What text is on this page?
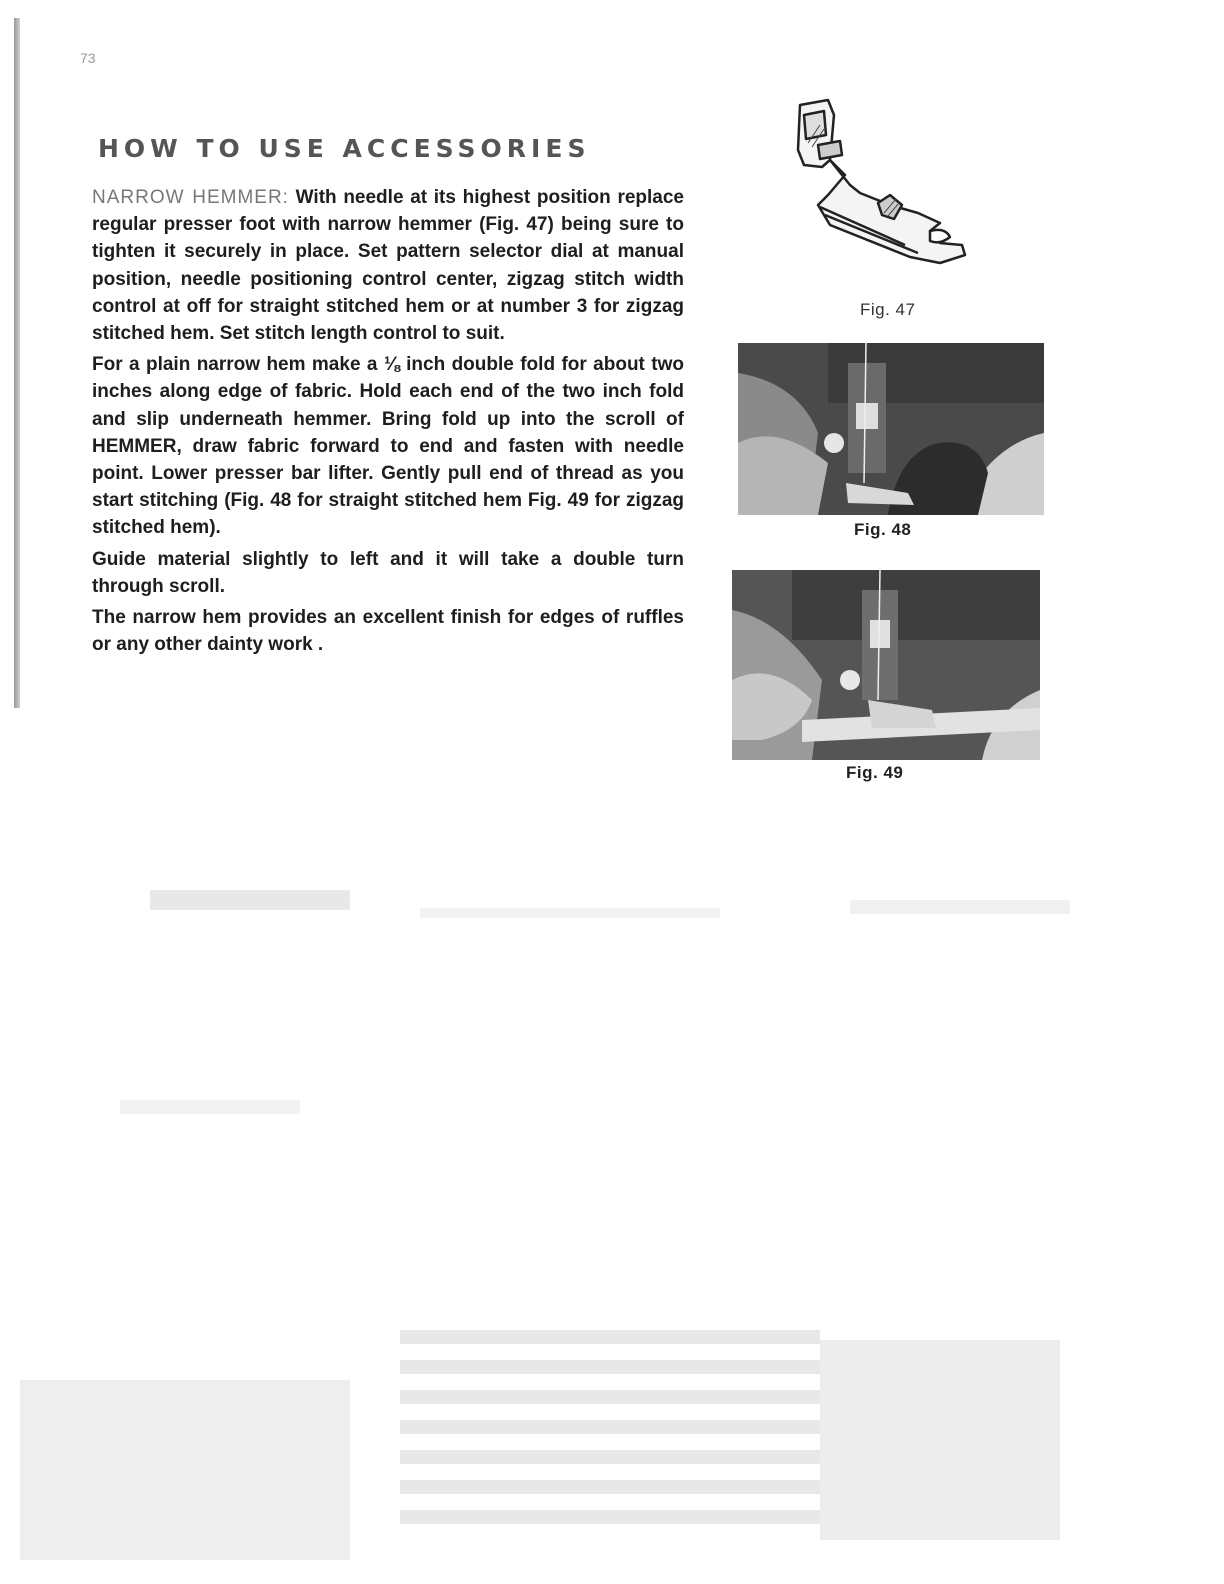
73
HOW TO USE ACCESSORIES

NARROW HEMMER: With needle at its highest position replace regular presser foot with narrow hemmer (Fig. 47) being sure to tighten it securely in place. Set pattern selector dial at manual position, needle positioning control center, zigzag stitch width control at off for straight stitched hem or at number 3 for zigzag stitched hem. Set stitch length control to suit.

For a plain narrow hem make a ⅛ inch double fold for about two inches along edge of fabric. Hold each end of the two inch fold and slip underneath hemmer. Bring fold up into the scroll of HEMMER, draw fabric forward to end and fasten with needle point. Lower presser bar lifter. Gently pull end of thread as you start stitching (Fig. 48 for straight stitched hem Fig. 49 for zigzag stitched hem).

Guide material slightly to left and it will take a double turn through scroll.

The narrow hem provides an excellent finish for edges of ruffles or any other dainty work .

Fig. 47
Fig. 48
Fig. 49
